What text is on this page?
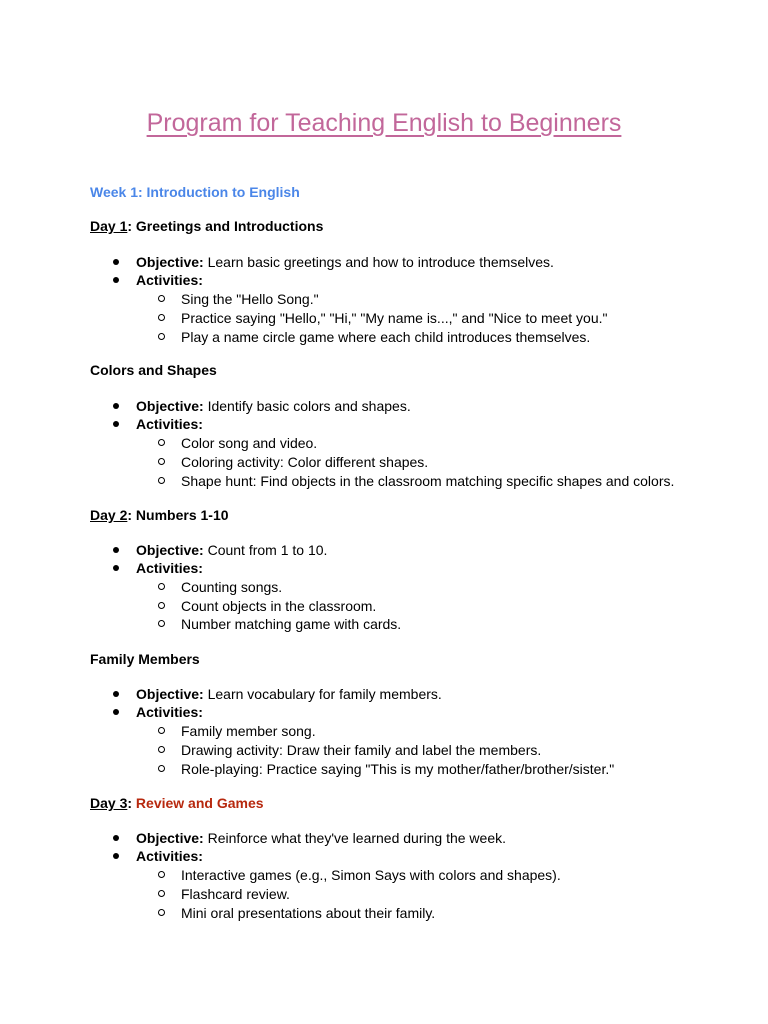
Program for Teaching English to Beginners
Week 1: Introduction to English
Day 1: Greetings and Introductions
Objective: Learn basic greetings and how to introduce themselves.
Activities:
Sing the "Hello Song."
Practice saying "Hello," "Hi," "My name is...," and "Nice to meet you."
Play a name circle game where each child introduces themselves.
Colors and Shapes
Objective: Identify basic colors and shapes.
Activities:
Color song and video.
Coloring activity: Color different shapes.
Shape hunt: Find objects in the classroom matching specific shapes and colors.
Day 2: Numbers 1-10
Objective: Count from 1 to 10.
Activities:
Counting songs.
Count objects in the classroom.
Number matching game with cards.
Family Members
Objective: Learn vocabulary for family members.
Activities:
Family member song.
Drawing activity: Draw their family and label the members.
Role-playing: Practice saying "This is my mother/father/brother/sister."
Day 3: Review and Games
Objective: Reinforce what they've learned during the week.
Activities:
Interactive games (e.g., Simon Says with colors and shapes).
Flashcard review.
Mini oral presentations about their family.
